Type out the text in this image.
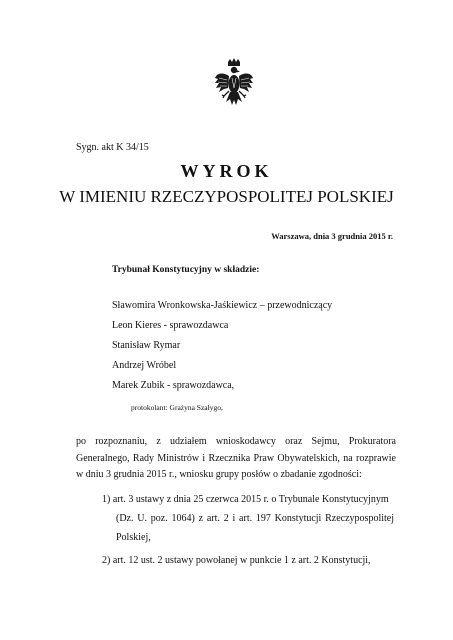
Sygn. akt K 34/15
WYROK
W IMIENIU RZECZYPOSPOLITEJ POLSKIEJ
Warszawa, dnia 3 grudnia 2015 r.
Trybunał Konstytucyjny w składzie:
Sławomira Wronkowska-Jaśkiewicz – przewodniczący
Leon Kieres - sprawozdawca
Stanisław Rymar
Andrzej Wróbel
Marek Zubik - sprawozdawca,
protokolant: Grażyna Szałygo,
po rozpoznaniu, z udziałem wnioskodawcy oraz Sejmu, Prokuratora Generalnego, Rady Ministrów i Rzecznika Praw Obywatelskich, na rozprawie w dniu 3 grudnia 2015 r., wniosku grupy posłów o zbadanie zgodności:
1) art. 3 ustawy z dnia 25 czerwca 2015 r. o Trybunale Konstytucyjnym
(Dz. U. poz. 1064) z art. 2 i art. 197 Konstytucji Rzeczypospolitej Polskiej,
2) art. 12 ust. 2 ustawy powołanej w punkcie 1 z art. 2 Konstytucji,
